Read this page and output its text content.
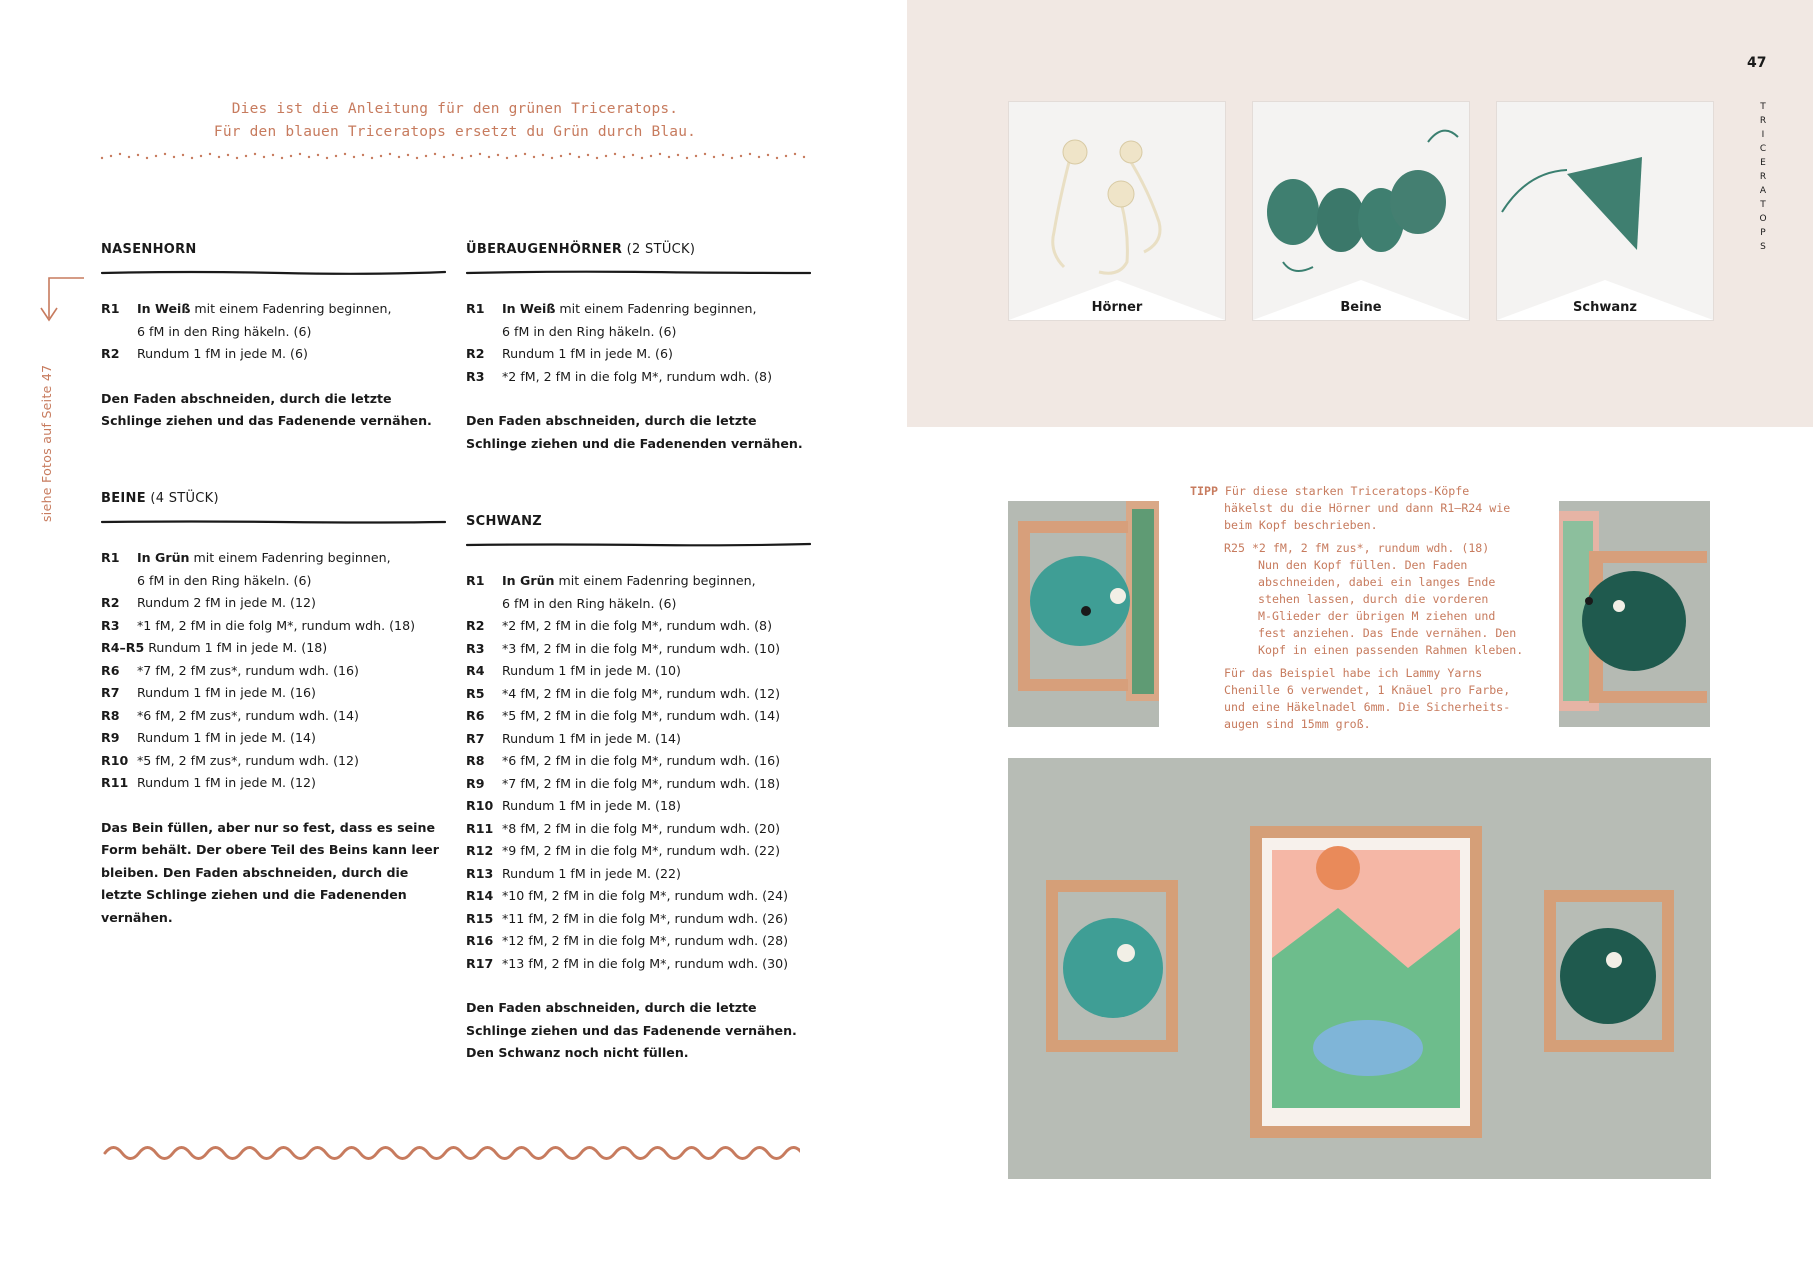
Dies ist die Anleitung für den grünen Triceratops.
Für den blauen Triceratops ersetzt du Grün durch Blau.
siehe Fotos auf Seite 47
NASENHORN
R1	In Weiß mit einem Fadenring beginnen,
6 fM in den Ring häkeln. (6)
R2	Rundum 1 fM in jede M. (6)
Den Faden abschneiden, durch die letzte Schlinge ziehen und das Fadenende vernähen.
BEINE (4 STÜCK)
R1	In Grün mit einem Fadenring beginnen,
6 fM in den Ring häkeln. (6)
R2	Rundum 2 fM in jede M. (12)
R3	*1 fM, 2 fM in die folg M*, rundum wdh. (18)
R4–R5 Rundum 1 fM in jede M. (18)
R6	*7 fM, 2 fM zus*, rundum wdh. (16)
R7	Rundum 1 fM in jede M. (16)
R8	*6 fM, 2 fM zus*, rundum wdh. (14)
R9	Rundum 1 fM in jede M. (14)
R10 *5 fM, 2 fM zus*, rundum wdh. (12)
R11 Rundum 1 fM in jede M. (12)
Das Bein füllen, aber nur so fest, dass es seine Form behält. Der obere Teil des Beins kann leer bleiben. Den Faden abschneiden, durch die letzte Schlinge ziehen und die Fadenenden vernähen.
ÜBERAUGENHÖRNER (2 STÜCK)
R1	In Weiß mit einem Fadenring beginnen,
6 fM in den Ring häkeln. (6)
R2	Rundum 1 fM in jede M. (6)
R3	*2 fM, 2 fM in die folg M*, rundum wdh. (8)
Den Faden abschneiden, durch die letzte Schlinge ziehen und die Fadenenden vernähen.
SCHWANZ
R1	In Grün mit einem Fadenring beginnen,
6 fM in den Ring häkeln. (6)
R2	*2 fM, 2 fM in die folg M*, rundum wdh. (8)
R3	*3 fM, 2 fM in die folg M*, rundum wdh. (10)
R4	Rundum 1 fM in jede M. (10)
R5	*4 fM, 2 fM in die folg M*, rundum wdh. (12)
R6	*5 fM, 2 fM in die folg M*, rundum wdh. (14)
R7	Rundum 1 fM in jede M. (14)
R8	*6 fM, 2 fM in die folg M*, rundum wdh. (16)
R9	*7 fM, 2 fM in die folg M*, rundum wdh. (18)
R10 Rundum 1 fM in jede M. (18)
R11 *8 fM, 2 fM in die folg M*, rundum wdh. (20)
R12 *9 fM, 2 fM in die folg M*, rundum wdh. (22)
R13 Rundum 1 fM in jede M. (22)
R14 *10 fM, 2 fM in die folg M*, rundum wdh. (24)
R15 *11 fM, 2 fM in die folg M*, rundum wdh. (26)
R16 *12 fM, 2 fM in die folg M*, rundum wdh. (28)
R17 *13 fM, 2 fM in die folg M*, rundum wdh. (30)
Den Faden abschneiden, durch die letzte Schlinge ziehen und das Fadenende vernähen. Den Schwanz noch nicht füllen.
47
T
R
I
C
E
R
A
T
O
P
S
Hörner	Beine	Schwanz
TIPP Für diese starken Triceratops-Köpfe
häkelst du die Hörner und dann R1–R24 wie
beim Kopf beschrieben.
R25 *2 fM, 2 fM zus*, rundum wdh. (18)
Nun den Kopf füllen. Den Faden
abschneiden, dabei ein langes Ende
stehen lassen, durch die vorderen
M-Glieder der übrigen M ziehen und
fest anziehen. Das Ende vernähen. Den
Kopf in einen passenden Rahmen kleben.
Für das Beispiel habe ich Lammy Yarns
Chenille 6 verwendet, 1 Knäuel pro Farbe,
und eine Häkelnadel 6mm. Die Sicherheits-
augen sind 15mm groß.
